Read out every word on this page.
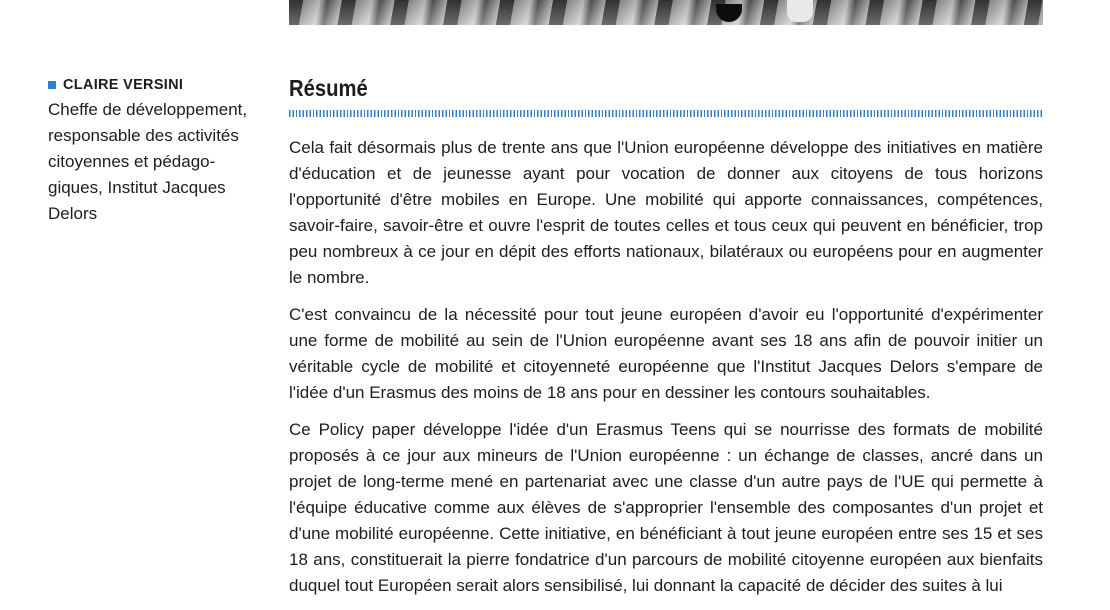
CLAIRE VERSINI
Cheffe de développement,
responsable des activités
citoyennes et pédago-
giques, Institut Jacques
Delors
Résumé

Cela fait désormais plus de trente ans que l'Union européenne développe des initiatives en matière d'éducation et de jeunesse ayant pour vocation de donner aux citoyens de tous horizons l'opportunité d'être mobiles en Europe. Une mobilité qui apporte connaissances, compétences, savoir-faire, savoir-être et ouvre l'esprit de toutes celles et tous ceux qui peuvent en bénéficier, trop peu nombreux à ce jour en dépit des efforts nationaux, bilatéraux ou européens pour en augmenter le nombre.

C'est convaincu de la nécessité pour tout jeune européen d'avoir eu l'opportunité d'expérimenter une forme de mobilité au sein de l'Union européenne avant ses 18 ans afin de pouvoir initier un véritable cycle de mobilité et citoyenneté européenne que l'Institut Jacques Delors s'empare de l'idée d'un Erasmus des moins de 18 ans pour en dessiner les contours souhaitables.

Ce Policy paper développe l'idée d'un Erasmus Teens qui se nourrisse des formats de mobilité proposés à ce jour aux mineurs de l'Union européenne : un échange de classes, ancré dans un projet de long-terme mené en partenariat avec une classe d'un autre pays de l'UE qui permette à l'équipe éducative comme aux élèves de s'approprier l'ensemble des composantes d'un projet et d'une mobilité européenne. Cette initiative, en bénéficiant à tout jeune européen entre ses 15 et ses 18 ans, constituerait la pierre fondatrice d'un parcours de mobilité citoyenne européen aux bienfaits duquel tout Européen serait alors sensibilisé, lui donnant la capacité de décider des suites à lui
